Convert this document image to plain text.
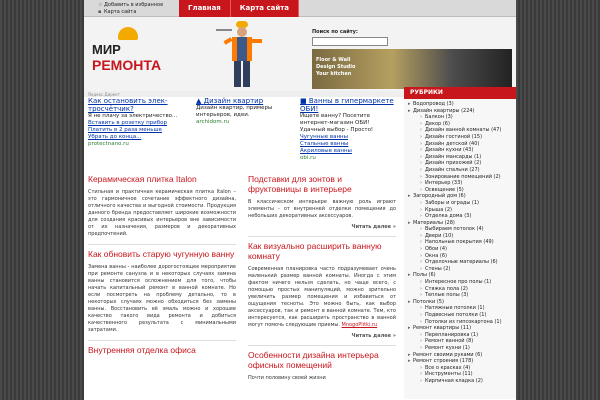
☆ Добавить в избранное
▪ Карта сайта	Главная	Карта сайта
МИР
РЕМОНТА
Поиск по сайту:
Floor & Wall
Design Studio
Your kitchen
Яндекс.Директ
Как остановить элек-тросчётчик?
Я не плачу за электричество...
Вставить в розетку прибор
Платить в 2 раза меньше
Убрать до конца...
protectnano.ru
▲ Дизайн квартир
Дизайн квартир, примеры интерьеров, идеи.
archidom.ru
■ Ванны в гипермаркете ОБИ!
Ищете ванну? Посетите интернет-магазин ОБИ! Удачный выбор - Просто!
Чугунные ванны
Стальные ванны
Акриловые ванны
obi.ru
Керамическая плитка Italon
Стильная и практичная керамическая плитка Italon – это гармоничное сочетание эффектного дизайна, отличного качества и выгодной стоимости. Продукция данного бренда предоставляет широкие возможности для создания красивых интерьеров вне зависимости от их назначения, размеров и декоративных предпочтений.
Как обновить старую чугунную ванну
Замена ванны - наиболее дорогостоящее мероприятие при ремонте санузла и в некоторых случаях замена ванны становится осложнением для того, чтобы начать капитальный ремонт в ванной комнате. Но если посмотреть на проблему детально, то в некоторых случаях можно обходиться без замены ванны. Восстановить её эмаль можно и хорошее качество такого вида ремонта и добиться качественного результата с минимальными затратами.
Внутренняя отделка офиса
Подставки для зонтов и фруктовницы в интерьере
В классическом интерьере важную роль играют элементы - от внутренней отделки помещения до небольших декоративных аксессуаров.
Читать далее »
Как визуально расширить ванную комнату
Современная планировка часто подразумевает очень маленький размер ванной комнаты. Иногда с этим фактом ничего нельзя сделать, но чаще всего, с помощью простых манипуляций, можно зрительно увеличить размер помещения и избавиться от ощущения тесноты. Это можно быть, как выбор аксессуаров, так и ремонт в ванной комнате. Тем, кто интересуется, как расширить пространство в ванной могут помочь следующие приемы. MnogoPlitki.ru
Читать далее »
Особенности дизайна интерьера офисных помещений
Почти половину своей жизни
РУБРИКИ
▸ Водопровод (3)
▸ Дизайн квартиры (224)
› Балкон (3)
› Декор (6)
› Дизайн ванной комнаты (47)
› Дизайн гостиной (15)
› Дизайн детской (40)
› Дизайн кухни (43)
› Дизайн мансарды (1)
› Дизайн прихожей (2)
› Дизайн спальни (27)
› Зонирование помещений (2)
› Интерьер (33)
› Освещение (5)
▸ Загородный дом (6)
› Заборы и ограды (1)
› Крыша (2)
› Отделка дома (3)
▸ Материалы (28)
› Выбираем потолок (4)
› Двери (10)
› Напольные покрытия (49)
› Обои (4)
› Окна (6)
› Отделочные материалы (6)
› Стены (2)
▸ Полы (6)
› Интересное про полы (1)
› Стяжка пола (2)
› Теплые полы (3)
▸ Потолки (5)
› Натяжные потолки (1)
› Подвесные потолки (1)
› Потолки из гипсокартона (1)
▸ Ремонт квартиры (11)
› Перепланировка (1)
› Ремонт ванной (8)
› Ремонт кухни (1)
▸ Ремонт своими руками (6)
▸ Ремонт строения (178)
› Все о красках (4)
› Инструменты (11)
› Кирпичная кладка (2)
